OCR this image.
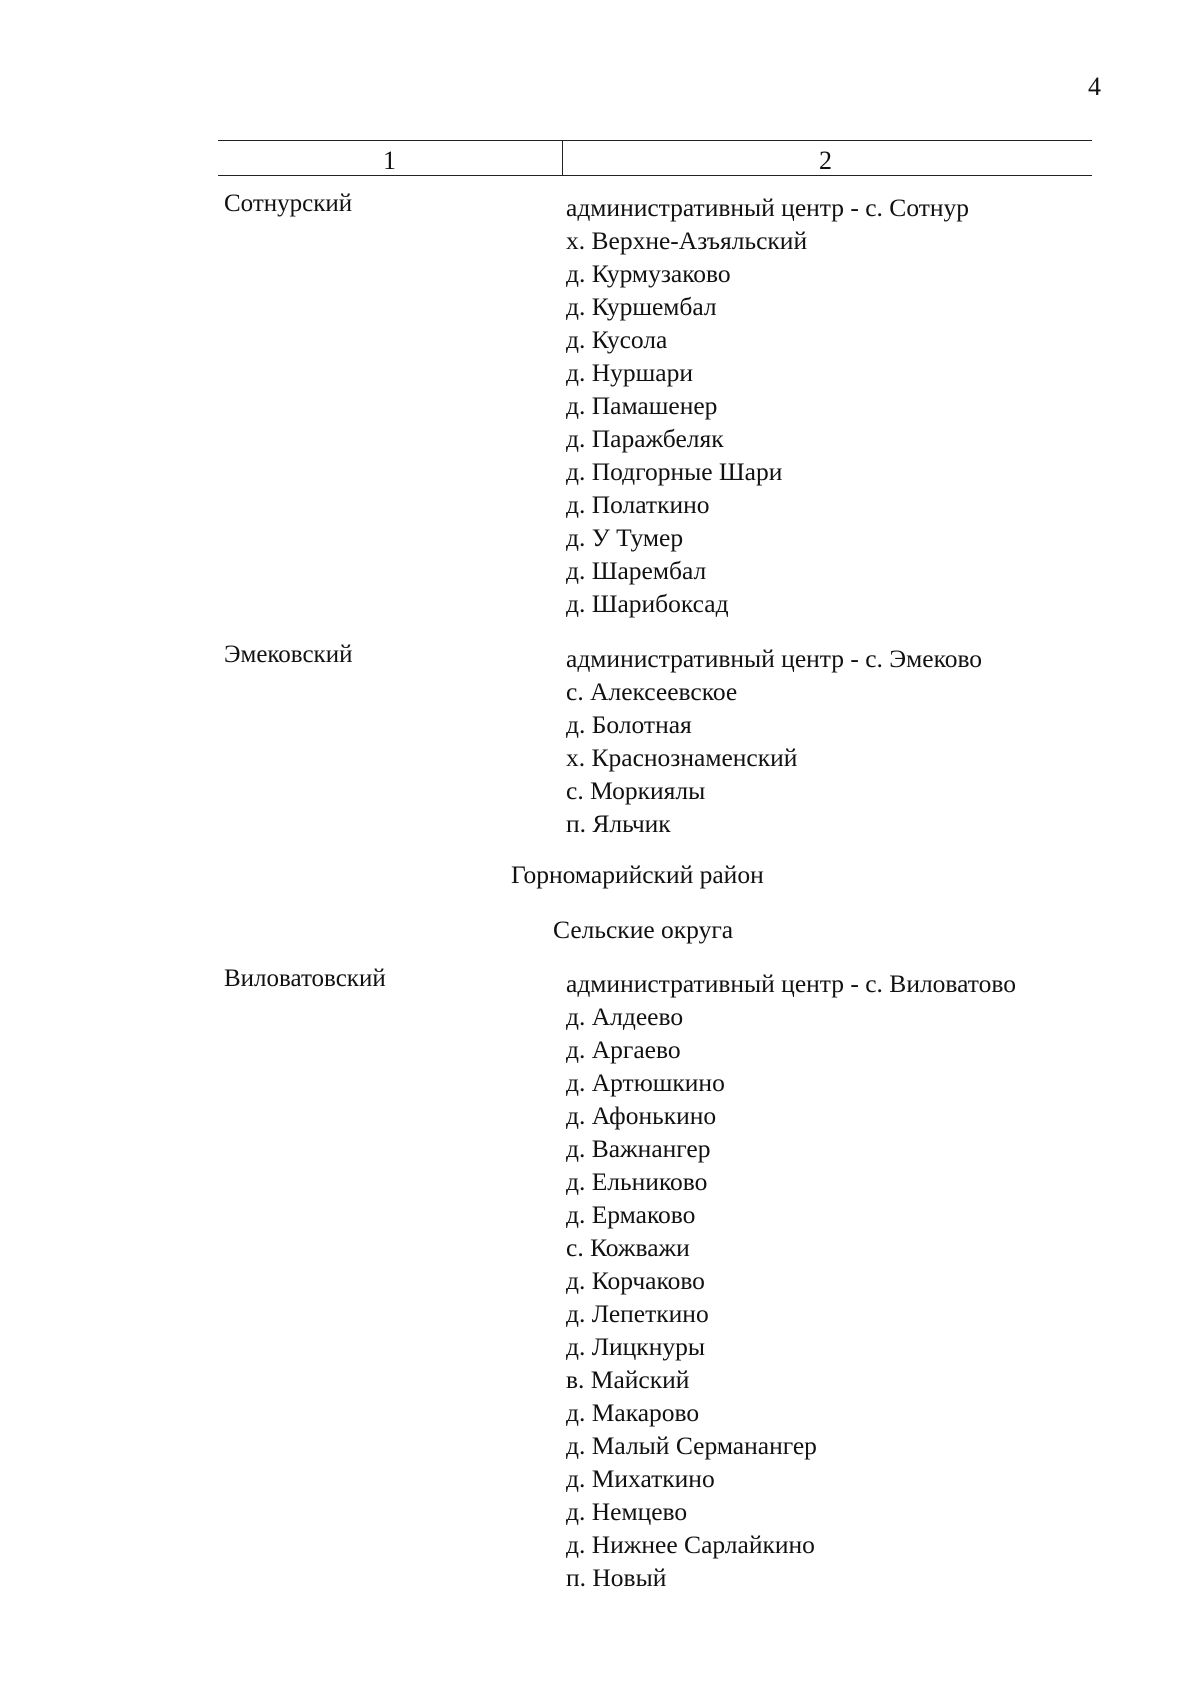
4
1	2
Сотнурский	административный центр - с. Сотнур
х. Верхне-Азъяльский
д. Курмузаково
д. Куршембал
д. Кусола
д. Нуршари
д. Памашенер
д. Паражбеляк
д. Подгорные Шари
д. Полаткино
д. У Тумер
д. Шарембал
д. Шарибоксад
Эмековский	административный центр - с. Эмеково
с. Алексеевское
д. Болотная
х. Краснознаменский
с. Моркиялы
п. Яльчик
Горномарийский район
Сельские округа
Виловатовский	административный центр - с. Виловатово
д. Алдеево
д. Аргаево
д. Артюшкино
д. Афонькино
д. Важнангер
д. Ельниково
д. Ермаково
с. Кожважи
д. Корчаково
д. Лепеткино
д. Лицкнуры
в. Майский
д. Макарово
д. Малый Серманангер
д. Михаткино
д. Немцево
д. Нижнее Сарлайкино
п. Новый
